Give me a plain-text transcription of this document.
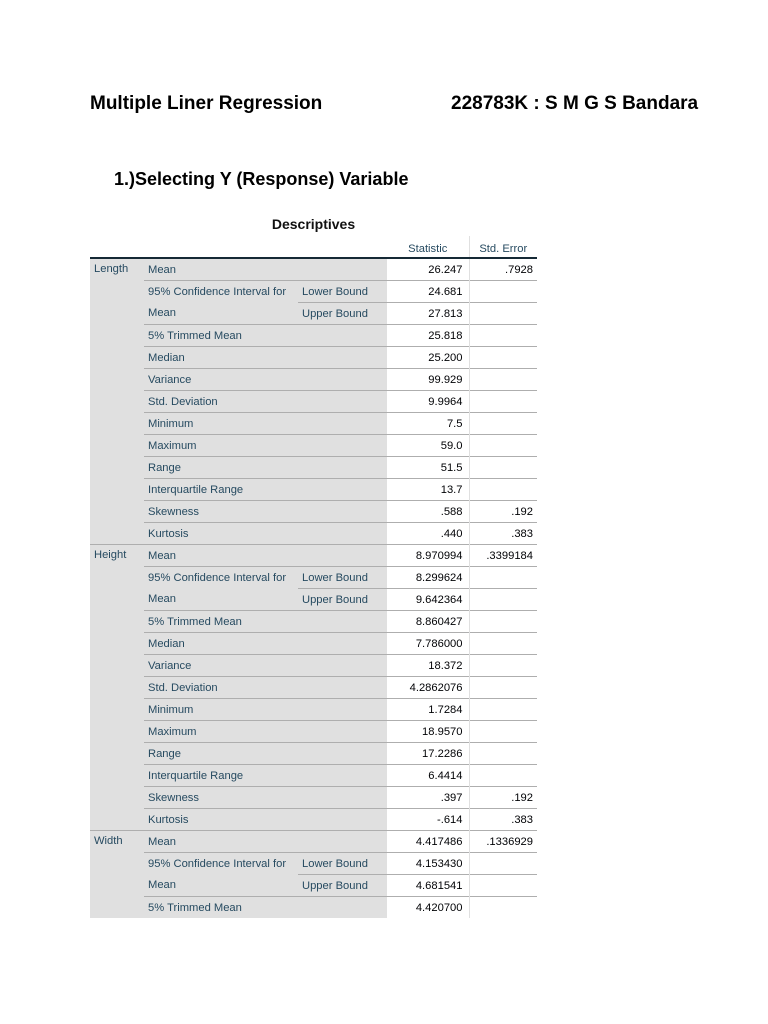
Multiple Liner Regression	228783K : S M G S Bandara
1.)Selecting Y (Response) Variable
Descriptives
			Statistic	Std. Error
Length	Mean		26.247	.7928
	95% Confidence Interval for	Lower Bound	24.681	
	Mean	Upper Bound	27.813	
	5% Trimmed Mean		25.818	
	Median		25.200	
	Variance		99.929	
	Std. Deviation		9.9964	
	Minimum		7.5	
	Maximum		59.0	
	Range		51.5	
	Interquartile Range		13.7	
	Skewness		.588	.192
	Kurtosis		.440	.383
Height	Mean		8.970994	.3399184
	95% Confidence Interval for	Lower Bound	8.299624	
	Mean	Upper Bound	9.642364	
	5% Trimmed Mean		8.860427	
	Median		7.786000	
	Variance		18.372	
	Std. Deviation		4.2862076	
	Minimum		1.7284	
	Maximum		18.9570	
	Range		17.2286	
	Interquartile Range		6.4414	
	Skewness		.397	.192
	Kurtosis		-.614	.383
Width	Mean		4.417486	.1336929
	95% Confidence Interval for	Lower Bound	4.153430	
	Mean	Upper Bound	4.681541	
	5% Trimmed Mean		4.420700	
